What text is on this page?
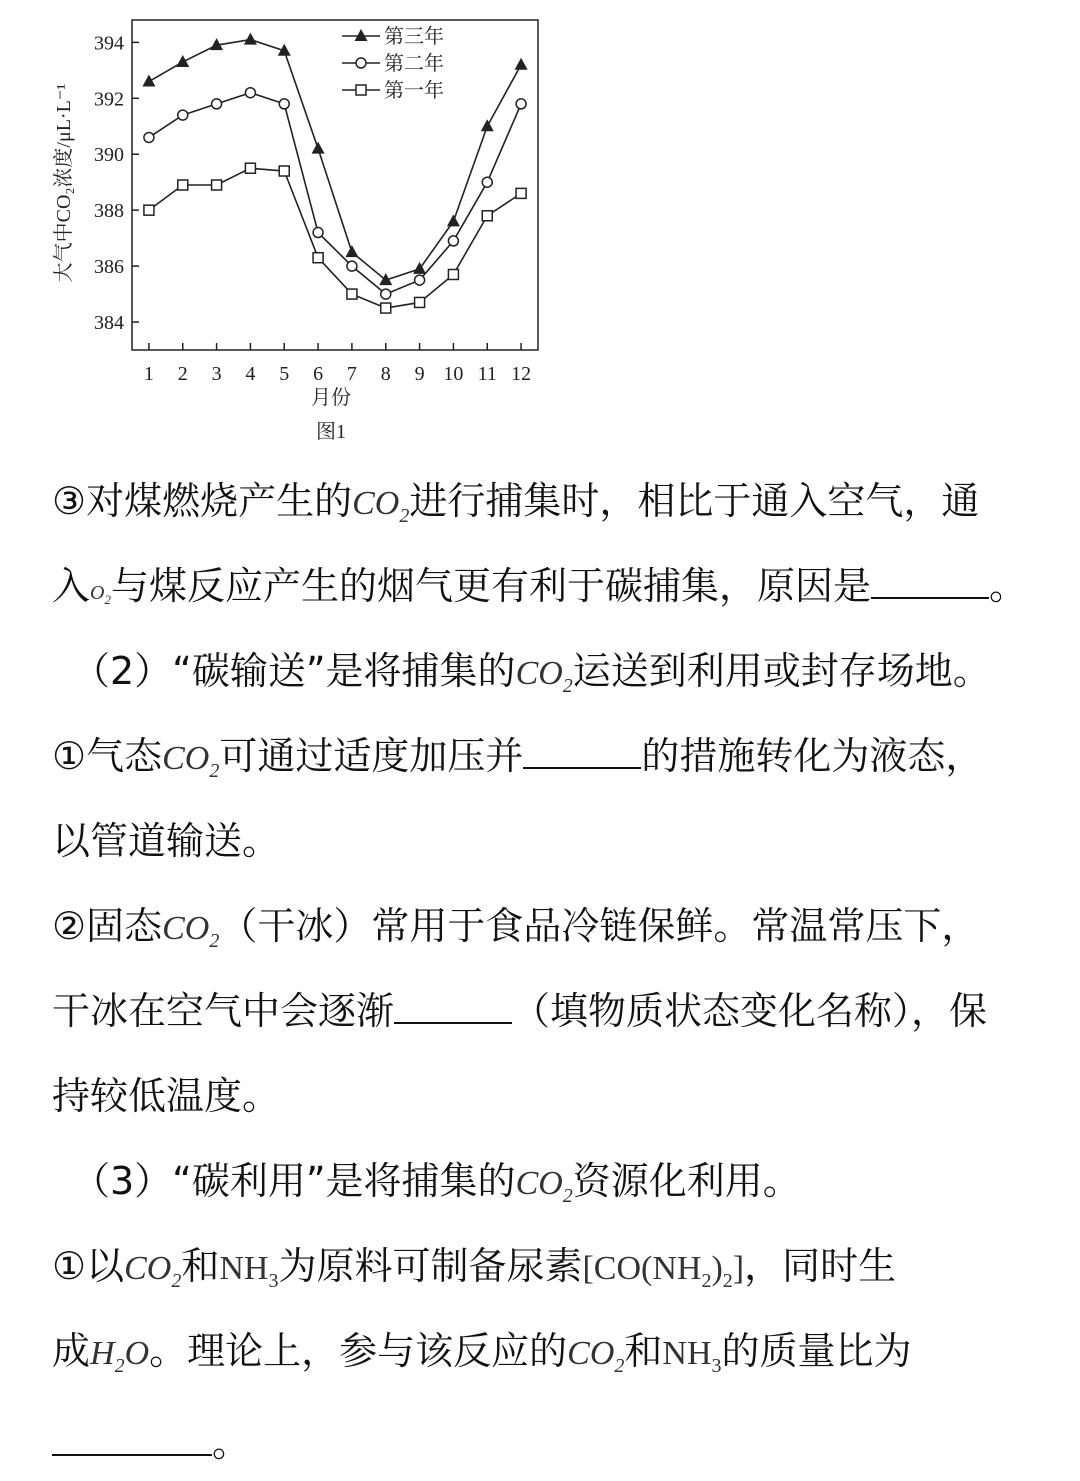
384
386
388
390
392
394
1 2 3 4 5 6 7 8 9 10 11 12
第三年
第二年
第一年
大气中CO₂浓度/μL·L⁻¹
月份
图1
③对煤燃烧产生的$CO_2$进行捕集时，相比于通入空气，通
入$O_2$与煤反应产生的烟气更有利于碳捕集，原因是	。
（2）“碳输送”是将捕集的$CO_2$运送到利用或封存场地。
①气态$CO_2$可通过适度加压并	的措施转化为液态，
以管道输送。
②固态$CO_2$（干冰）常用于食品冷链保鲜。常温常压下，
干冰在空气中会逐渐	（填物质状态变化名称），保
持较低温度。
（3）“碳利用”是将捕集的$CO_2$资源化利用。
①以$CO_2$和$NH_3$为原料可制备尿素$[CO(NH_2)_2]$，同时生
成$H_2O$。理论上，参与该反应的$CO_2$和$NH_3$的质量比为
。
